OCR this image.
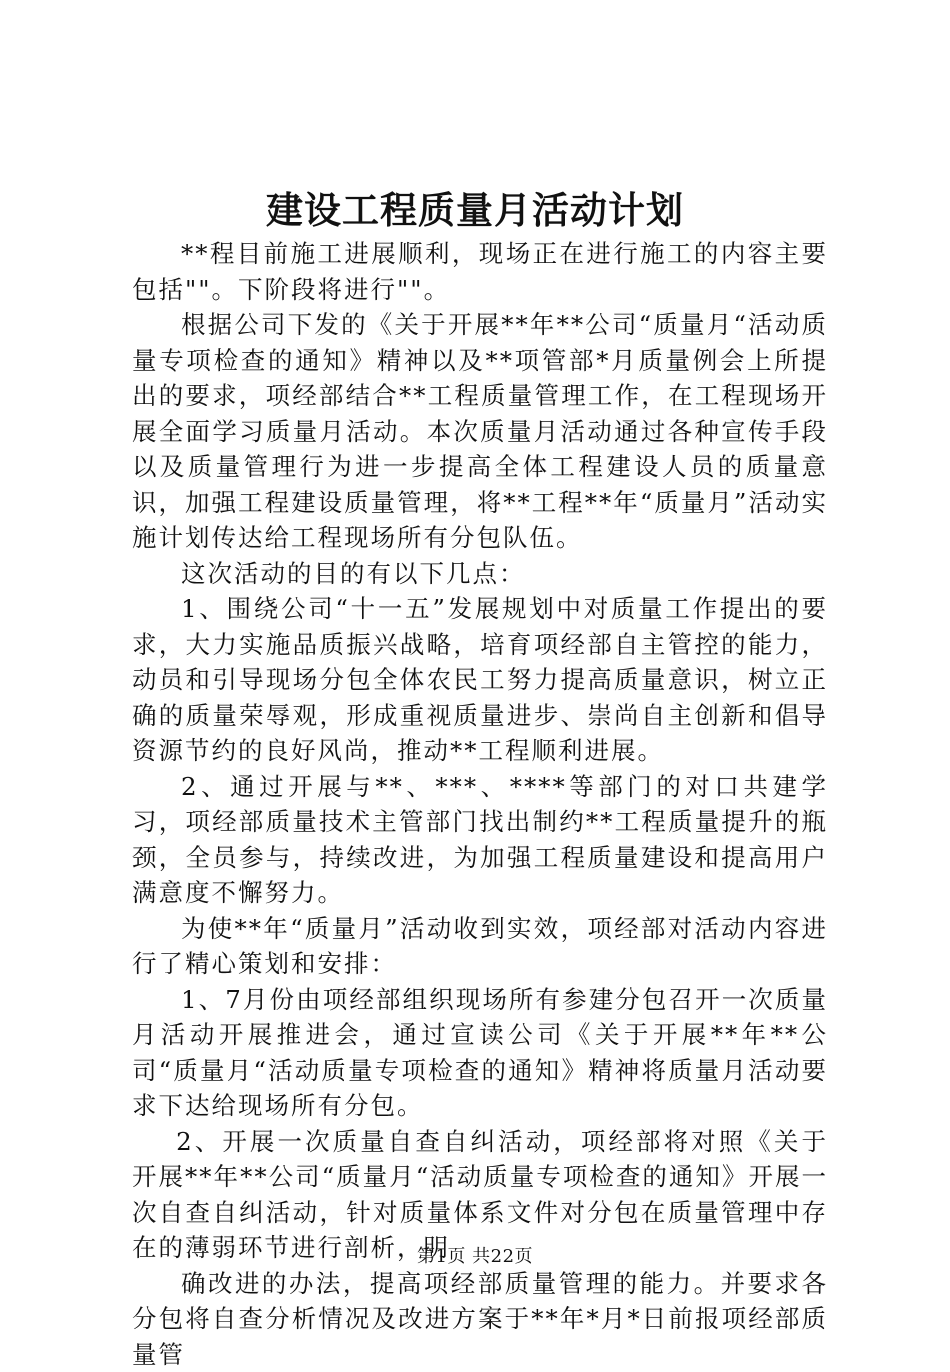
建设工程质量月活动计划

**程目前施工进展顺利，现场正在进行施工的内容主要包括""。下阶段将进行""。

根据公司下发的《关于开展**年**公司“质量月“活动质量专项检查的通知》精神以及**项管部*月质量例会上所提出的要求，项经部结合**工程质量管理工作，在工程现场开展全面学习质量月活动。本次质量月活动通过各种宣传手段以及质量管理行为进一步提高全体工程建设人员的质量意识，加强工程建设质量管理，将**工程**年“质量月”活动实施计划传达给工程现场所有分包队伍。

这次活动的目的有以下几点：

1、围绕公司“十一五”发展规划中对质量工作提出的要求，大力实施品质振兴战略，培育项经部自主管控的能力，动员和引导现场分包全体农民工努力提高质量意识，树立正确的质量荣辱观，形成重视质量进步、崇尚自主创新和倡导资源节约的良好风尚，推动**工程顺利进展。

2、通过开展与**、***、****等部门的对口共建学习，项经部质量技术主管部门找出制约**工程质量提升的瓶颈，全员参与，持续改进，为加强工程质量建设和提高用户满意度不懈努力。

为使**年“质量月”活动收到实效，项经部对活动内容进行了精心策划和安排：

1、7月份由项经部组织现场所有参建分包召开一次质量月活动开展推进会，通过宣读公司《关于开展**年**公司“质量月“活动质量专项检查的通知》精神将质量月活动要求下达给现场所有分包。

2、开展一次质量自查自纠活动，项经部将对照《关于开展**年**公司“质量月“活动质量专项检查的通知》开展一次自查自纠活动，针对质量体系文件对分包在质量管理中存在的薄弱环节进行剖析，明

确改进的办法，提高项经部质量管理的能力。并要求各分包将自查分析情况及改进方案于**年*月*日前报项经部质量管

第1页 共22页
